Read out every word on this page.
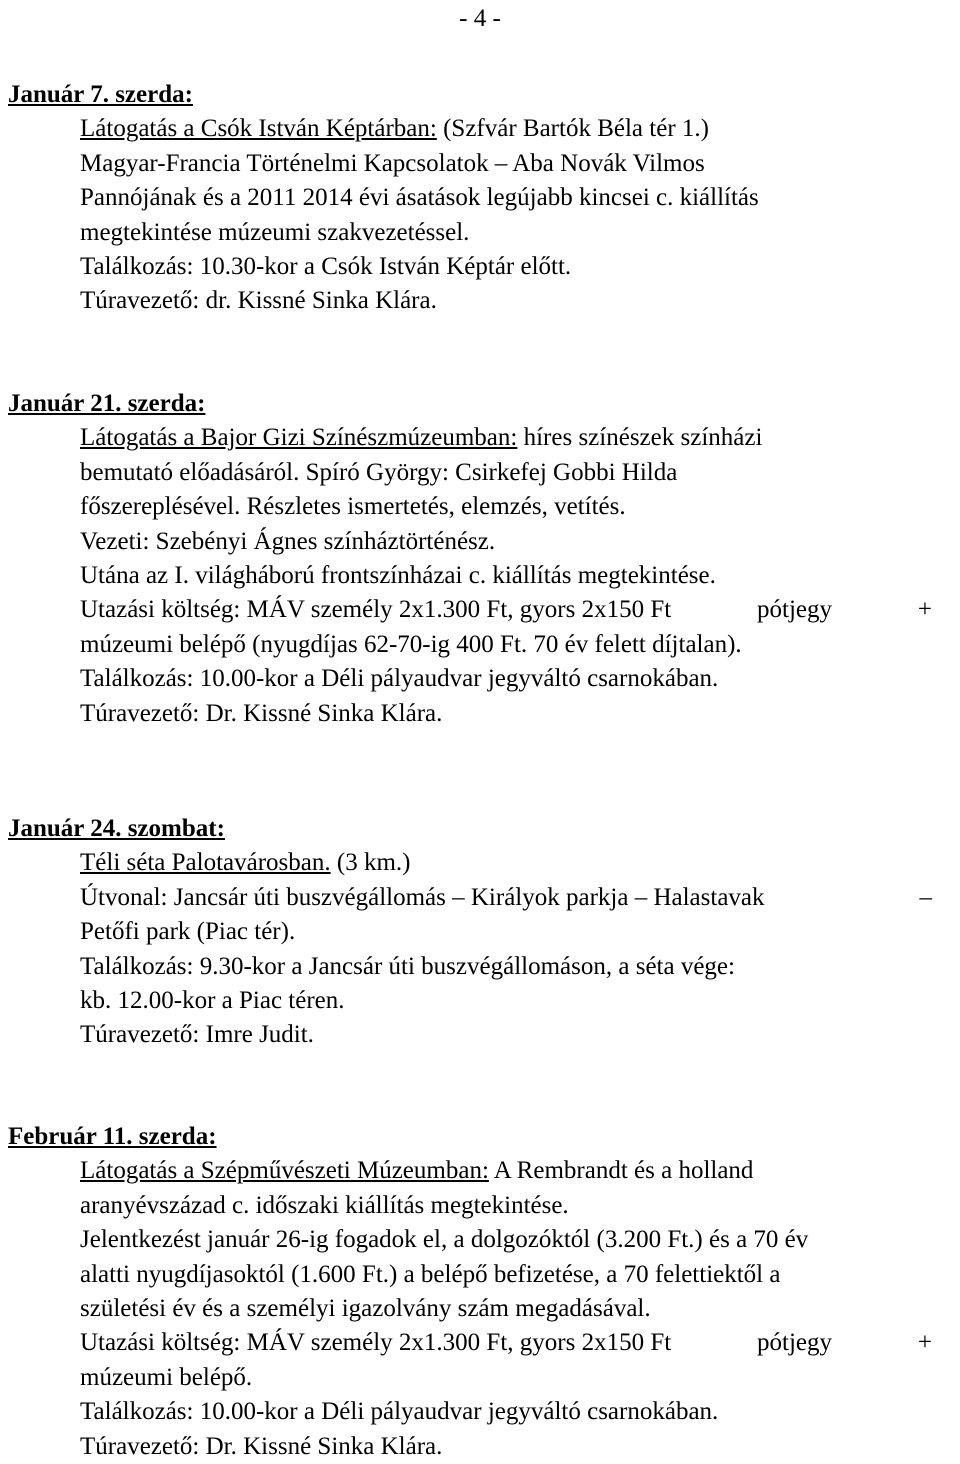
- 4 -
Január 7. szerda:
Látogatás a Csók István Képtárban: (Szfvár Bartók Béla tér 1.)
Magyar-Francia Történelmi Kapcsolatok – Aba Novák Vilmos
Pannójának és a 2011 2014 évi ásatások legújabb kincsei c. kiállítás
megtekintése múzeumi szakvezetéssel.
Találkozás: 10.30-kor a Csók István Képtár előtt.
Túravezető: dr. Kissné Sinka Klára.
Január 21. szerda:
Látogatás a Bajor Gizi Színészmúzeumban: híres színészek színházi
bemutató előadásáról. Spíró György: Csirkefej Gobbi Hilda
főszereplésével. Részletes ismertetés, elemzés, vetítés.
Vezeti: Szebényi Ágnes színháztörténész.
Utána az I. világháború frontszínházai c. kiállítás megtekintése.
Utazási költség: MÁV személy 2x1.300 Ft, gyors 2x150 Ft	pótjegy	+
múzeumi belépő (nyugdíjas 62-70-ig 400 Ft. 70 év felett díjtalan).
Találkozás: 10.00-kor a Déli pályaudvar jegyváltó csarnokában.
Túravezető: Dr. Kissné Sinka Klára.
Január 24. szombat:
Téli séta Palotavárosban. (3 km.)
Útvonal: Jancsár úti buszvégállomás – Királyok parkja – Halastavak	–
Petőfi park (Piac tér).
Találkozás: 9.30-kor a Jancsár úti buszvégállomáson, a séta vége:
kb. 12.00-kor a Piac téren.
Túravezető: Imre Judit.
Február 11. szerda:
Látogatás a Szépművészeti Múzeumban: A Rembrandt és a holland
aranyévszázad c. időszaki kiállítás megtekintése.
Jelentkezést január 26-ig fogadok el, a dolgozóktól (3.200 Ft.) és a 70 év
alatti nyugdíjasoktól (1.600 Ft.) a belépő befizetése, a 70 felettiektől a
születési év és a személyi igazolvány szám megadásával.
Utazási költség: MÁV személy 2x1.300 Ft, gyors 2x150 Ft	pótjegy	+
múzeumi belépő.
Találkozás: 10.00-kor a Déli pályaudvar jegyváltó csarnokában.
Túravezető: Dr. Kissné Sinka Klára.
